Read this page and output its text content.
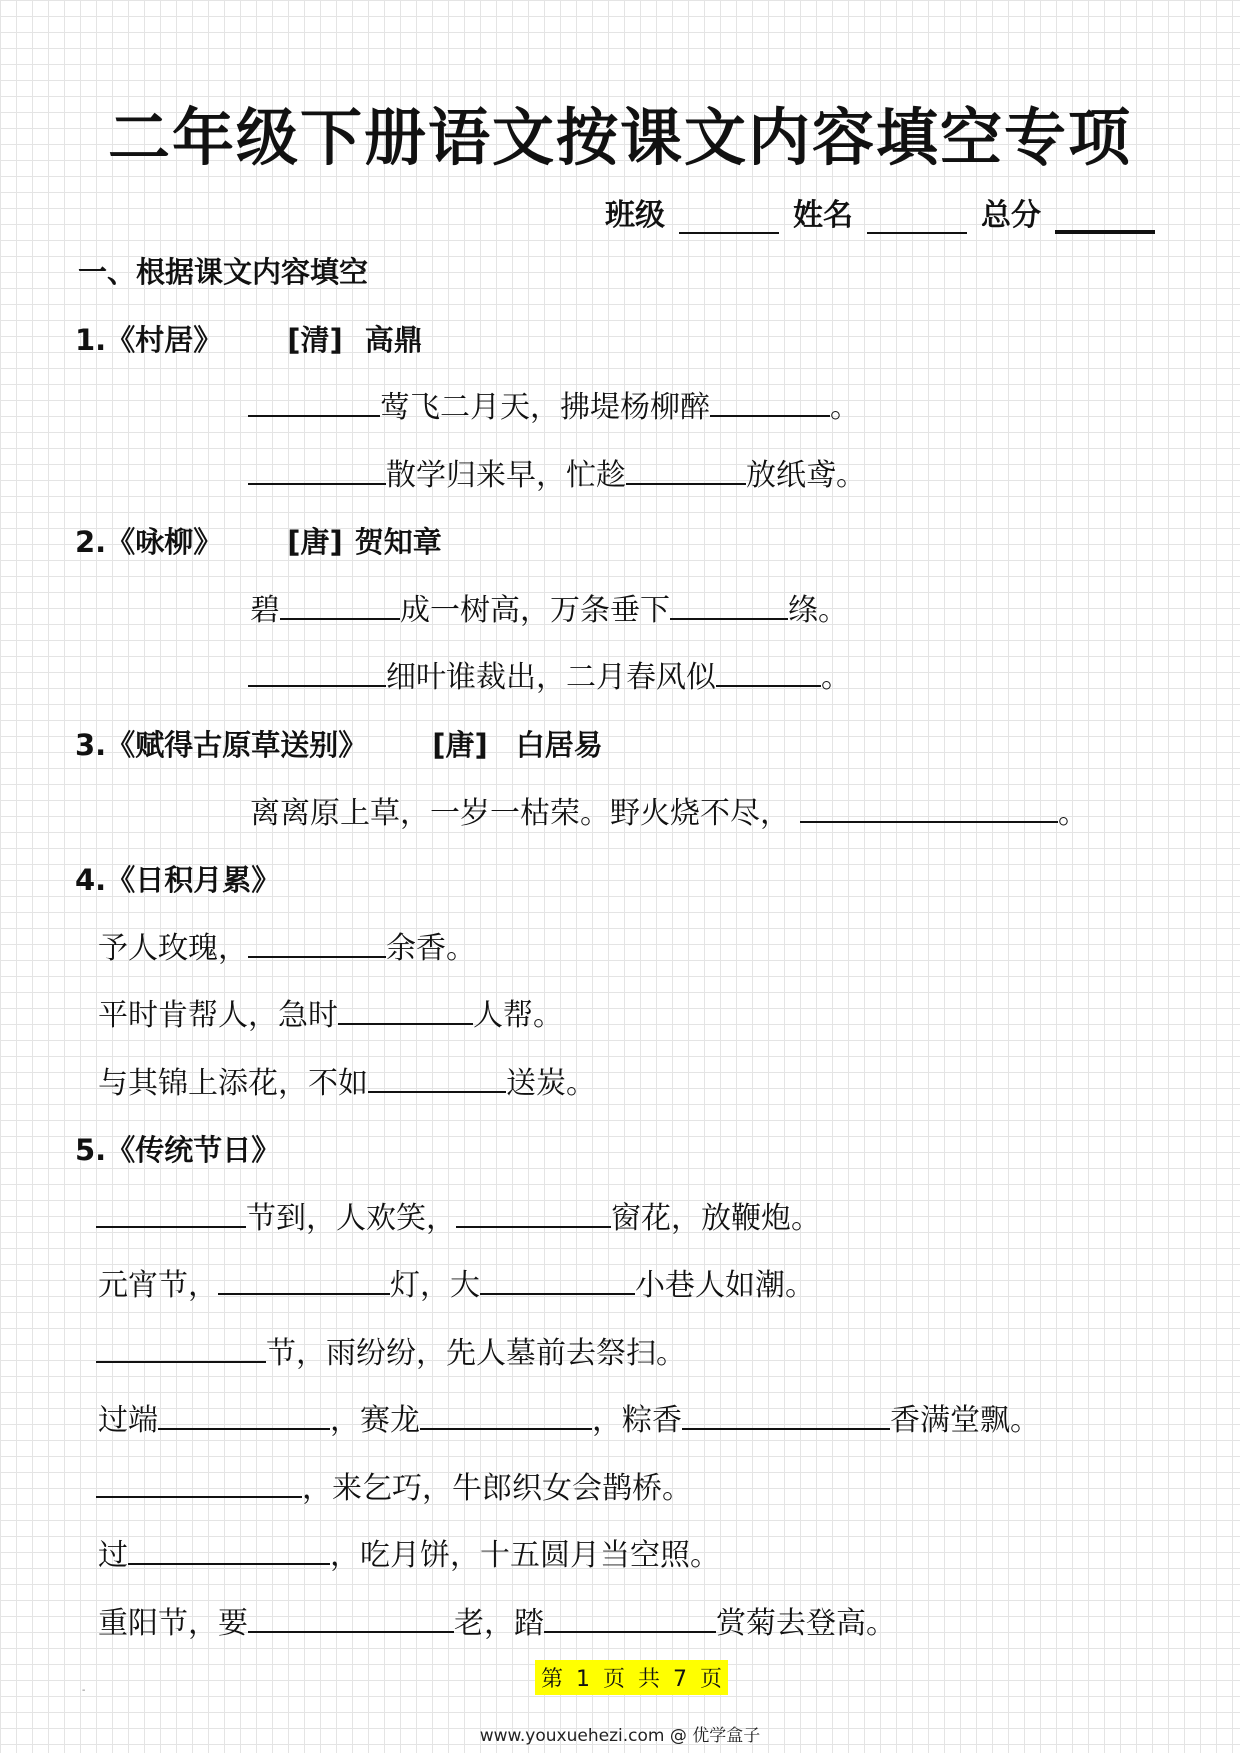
二年级下册语文按课文内容填空专项
班级	姓名	总分
一、根据课文内容填空
1.《村居》 [清] 高鼎
莺飞二月天，拂堤杨柳醉	。
散学归来早，忙趁	放纸鸢。
2.《咏柳》 [唐] 贺知章
碧	成一树高，万条垂下	绦。
细叶谁裁出，二月春风似	。
3.《赋得古原草送别》 [唐] 白居易
离离原上草，一岁一枯荣。野火烧不尽，	。
4.《日积月累》
予人玫瑰，	余香。
平时肯帮人，急时	人帮。
与其锦上添花，不如	送炭。
5.《传统节日》
节到，人欢笑，	窗花，放鞭炮。
元宵节，	灯，大	小巷人如潮。
节，雨纷纷，先人墓前去祭扫。
过端	，赛龙	，粽香	香满堂飘。
，来乞巧，牛郎织女会鹊桥。
过	，吃月饼，十五圆月当空照。
重阳节，要	老，踏	赏菊去登高。
-	第 1 页 共 7 页
www.youxuehezi.com @ 优学盒子
